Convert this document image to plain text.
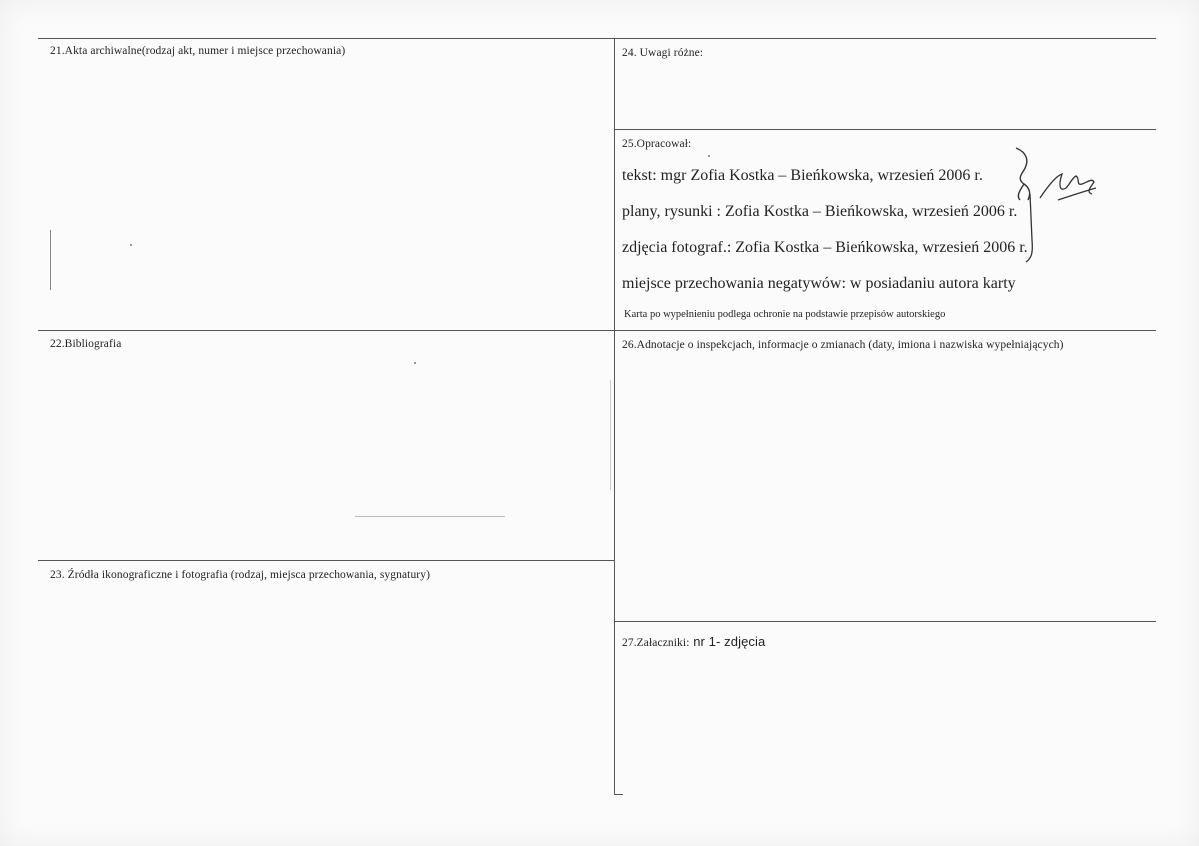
21.Akta archiwalne(rodzaj akt, numer i miejsce przechowania)
22.Bibliografia
23. Źródła ikonograficzne i fotografia (rodzaj, miejsca przechowania, sygnatury)
24. Uwagi różne:
25.Opracował:
tekst: mgr Zofia Kostka – Bieńkowska, wrzesień 2006 r.
plany, rysunki : Zofia Kostka – Bieńkowska, wrzesień 2006 r.
zdjęcia fotograf.: Zofia Kostka – Bieńkowska, wrzesień 2006 r.
miejsce przechowania negatywów: w posiadaniu autora karty
Karta po wypełnieniu podlega ochronie na podstawie przepisów autorskiego
26.Adnotacje o inspekcjach, informacje o zmianach (daty, imiona i nazwiska wypełniających)
27.Załaczniki: nr 1- zdjęcia
